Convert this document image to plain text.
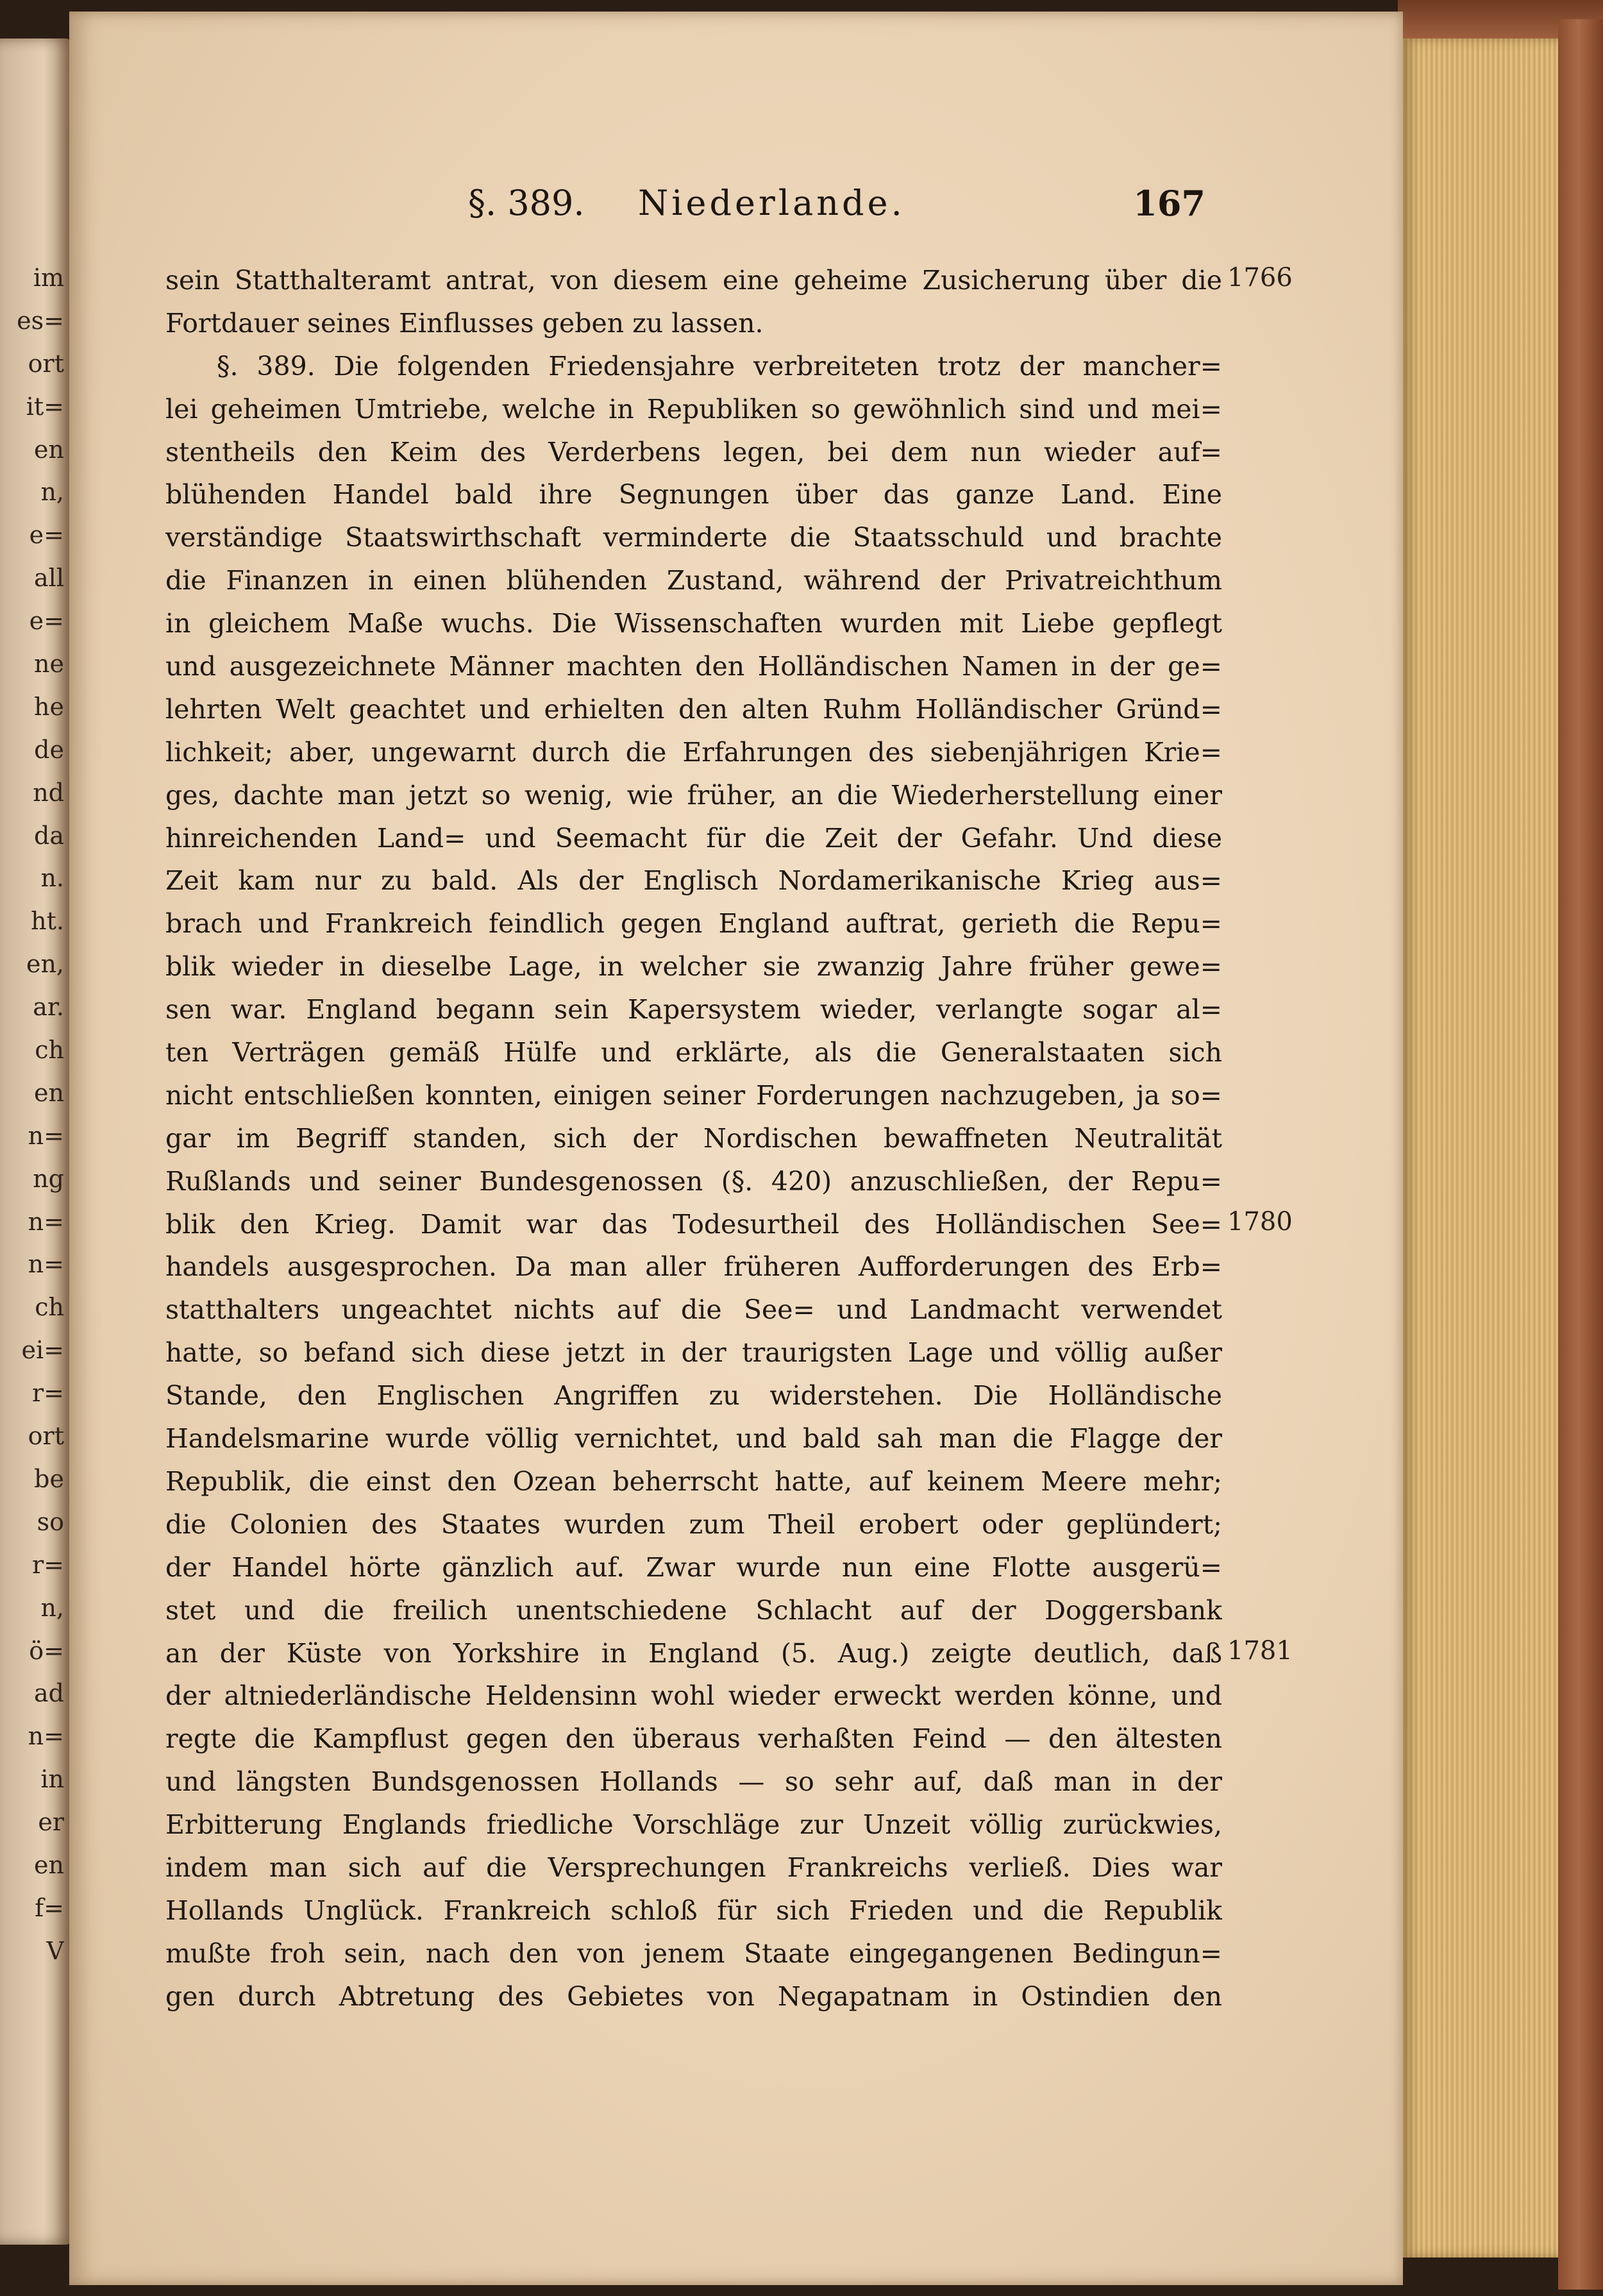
im
es=
ort
it=
en
n,
e=
all
e=
ne
he
de
nd
da
n.
ht.
en,
ar.
ch
en
n=
ng
n=
n=
ch
ei=
r=
ort
be
so
r=
n,
ö=
ad
n=
in
er
en
f=
V
§. 389. Niederlande.	167
sein Statthalteramt antrat, von diesem eine geheime Zusicherung über die
Fortdauer seines Einflusses geben zu lassen.
§. 389. Die folgenden Friedensjahre verbreiteten trotz der mancher=
lei geheimen Umtriebe, welche in Republiken so gewöhnlich sind und mei=
stentheils den Keim des Verderbens legen, bei dem nun wieder auf=
blühenden Handel bald ihre Segnungen über das ganze Land. Eine
verständige Staatswirthschaft verminderte die Staatsschuld und brachte
die Finanzen in einen blühenden Zustand, während der Privatreichthum
in gleichem Maße wuchs. Die Wissenschaften wurden mit Liebe gepflegt
und ausgezeichnete Männer machten den Holländischen Namen in der ge=
lehrten Welt geachtet und erhielten den alten Ruhm Holländischer Gründ=
lichkeit; aber, ungewarnt durch die Erfahrungen des siebenjährigen Krie=
ges, dachte man jetzt so wenig, wie früher, an die Wiederherstellung einer
hinreichenden Land= und Seemacht für die Zeit der Gefahr. Und diese
Zeit kam nur zu bald. Als der Englisch Nordamerikanische Krieg aus=
brach und Frankreich feindlich gegen England auftrat, gerieth die Repu=
blik wieder in dieselbe Lage, in welcher sie zwanzig Jahre früher gewe=
sen war. England begann sein Kapersystem wieder, verlangte sogar al=
ten Verträgen gemäß Hülfe und erklärte, als die Generalstaaten sich
nicht entschließen konnten, einigen seiner Forderungen nachzugeben, ja so=
gar im Begriff standen, sich der Nordischen bewaffneten Neutralität
Rußlands und seiner Bundesgenossen (§. 420) anzuschließen, der Repu=
blik den Krieg. Damit war das Todesurtheil des Holländischen See=
handels ausgesprochen. Da man aller früheren Aufforderungen des Erb=
statthalters ungeachtet nichts auf die See= und Landmacht verwendet
hatte, so befand sich diese jetzt in der traurigsten Lage und völlig außer
Stande, den Englischen Angriffen zu widerstehen. Die Holländische
Handelsmarine wurde völlig vernichtet, und bald sah man die Flagge der
Republik, die einst den Ozean beherrscht hatte, auf keinem Meere mehr;
die Colonien des Staates wurden zum Theil erobert oder geplündert;
der Handel hörte gänzlich auf. Zwar wurde nun eine Flotte ausgerü=
stet und die freilich unentschiedene Schlacht auf der Doggersbank
an der Küste von Yorkshire in England (5. Aug.) zeigte deutlich, daß
der altniederländische Heldensinn wohl wieder erweckt werden könne, und
regte die Kampflust gegen den überaus verhaßten Feind — den ältesten
und längsten Bundsgenossen Hollands — so sehr auf, daß man in der
Erbitterung Englands friedliche Vorschläge zur Unzeit völlig zurückwies,
indem man sich auf die Versprechungen Frankreichs verließ. Dies war
Hollands Unglück. Frankreich schloß für sich Frieden und die Republik
mußte froh sein, nach den von jenem Staate eingegangenen Bedingun=
gen durch Abtretung des Gebietes von Negapatnam in Ostindien den
1766
1780
1781
